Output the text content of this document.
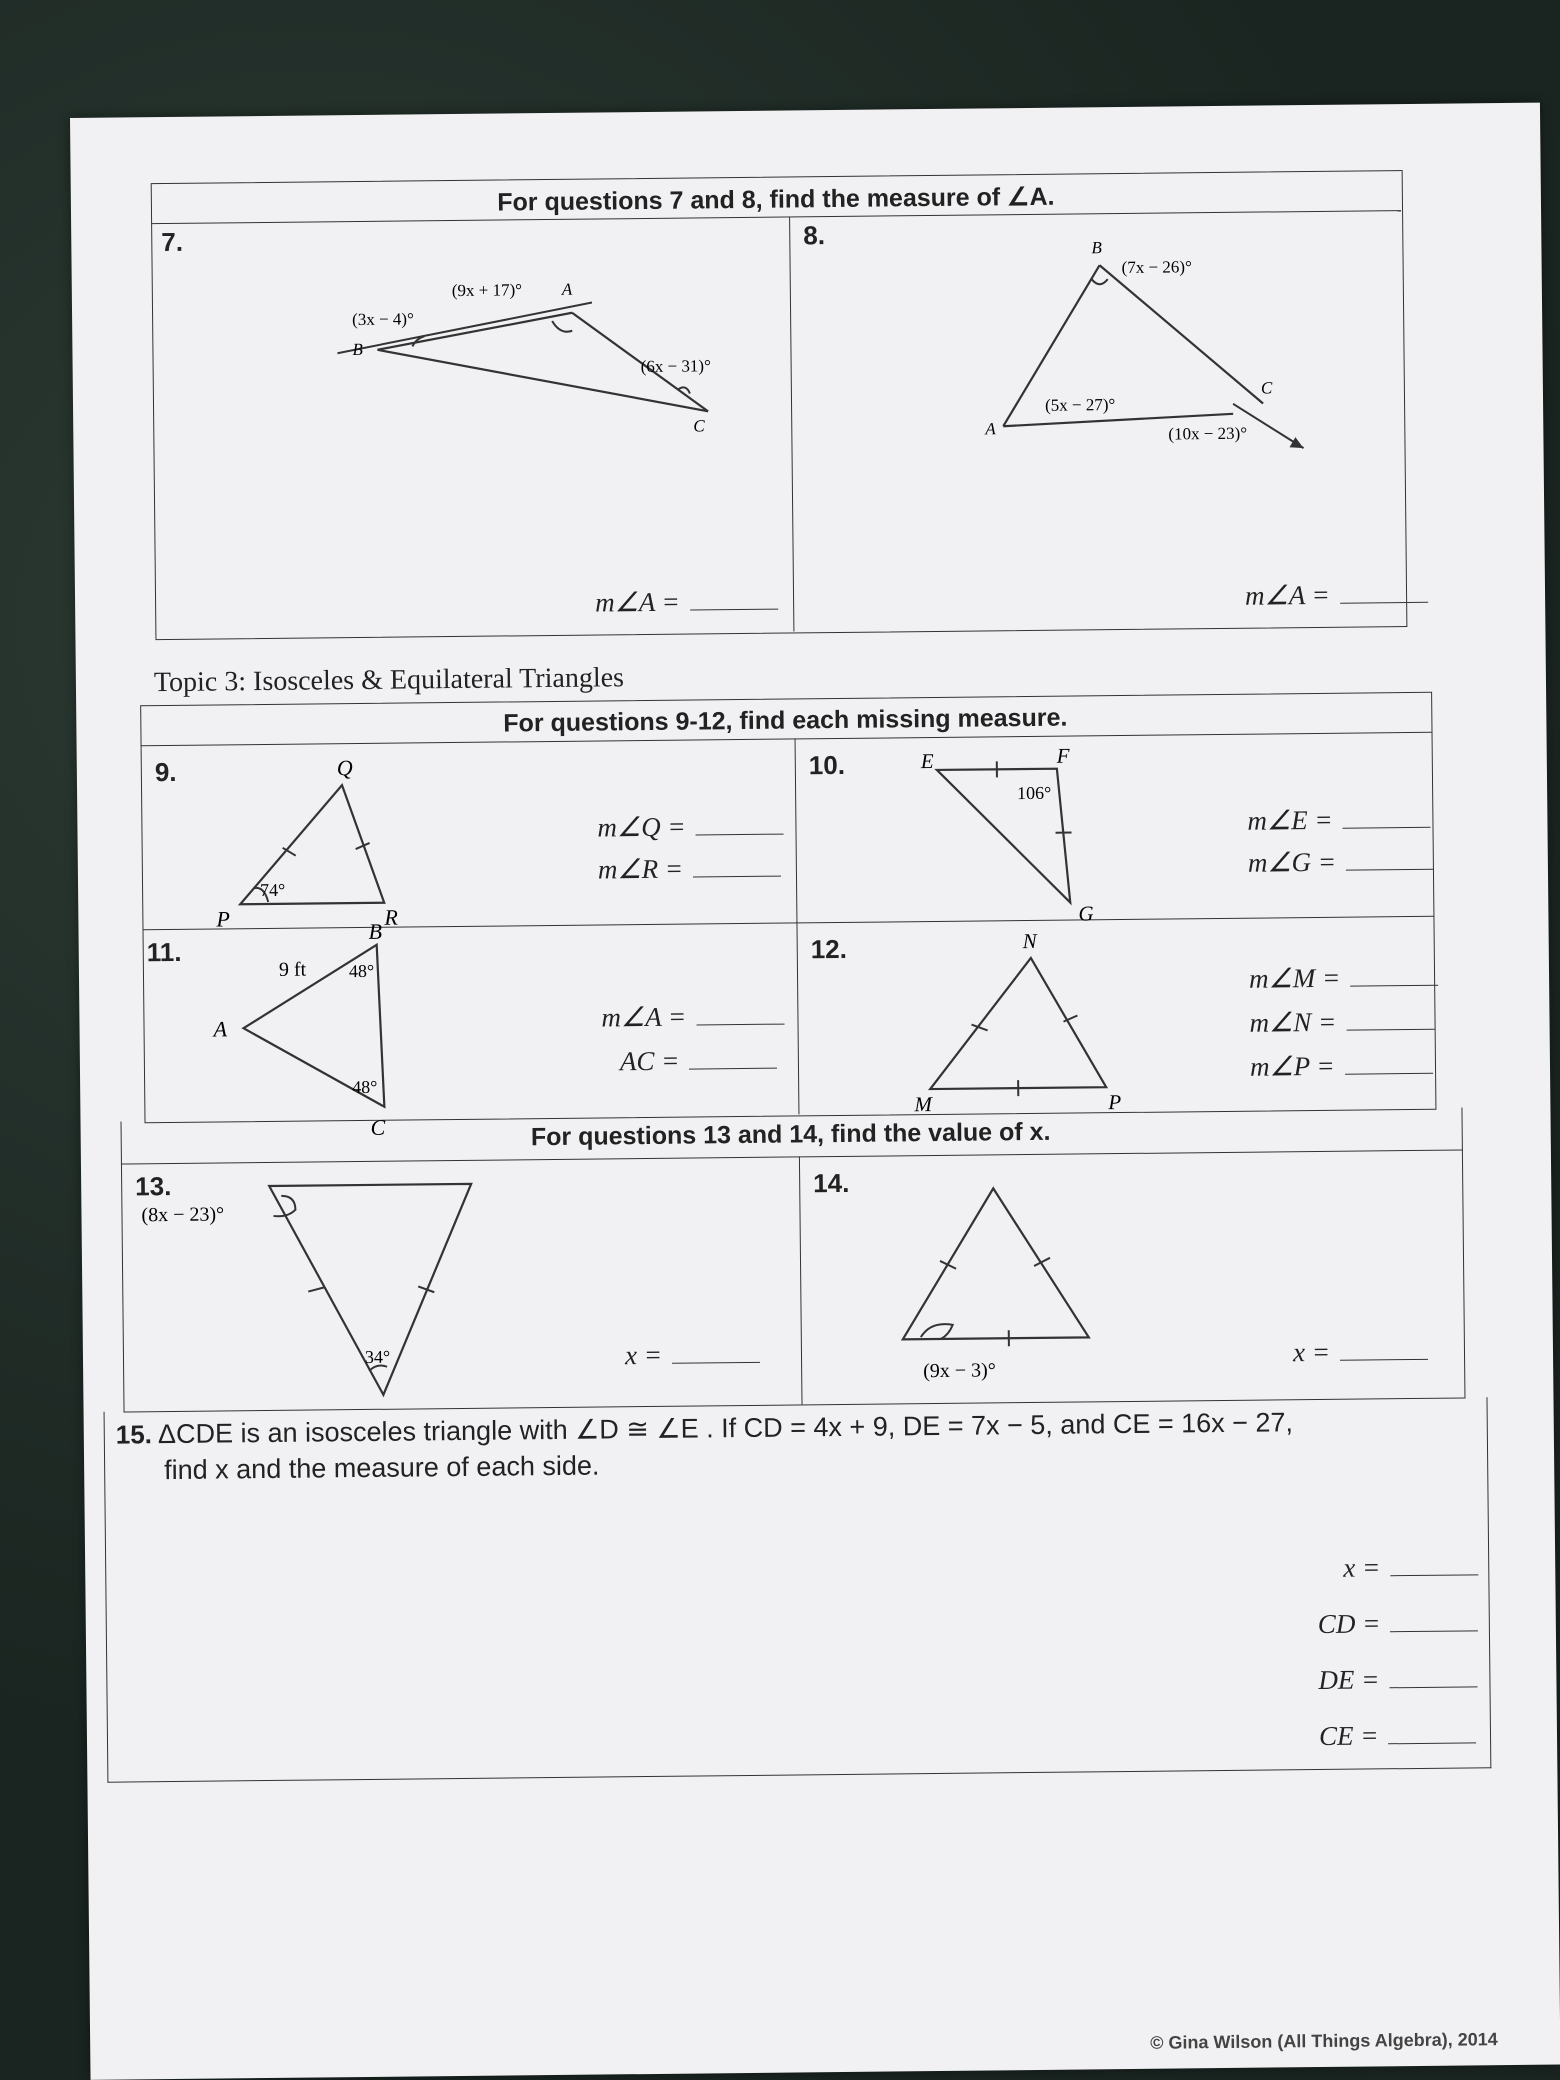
For questions 7 and 8, find the measure of ∠A.
7.
(9x + 17)° A
(3x − 4)°
B
(6x − 31)°
C
m∠A =
8.	B
(7x − 26)°
(5x − 27)°
A
C
(10x − 23)°
m∠A =
Topic 3: Isosceles & Equilateral Triangles
For questions 9-12, find each missing measure.
9.	Q
P	R
74°
m∠Q =
m∠R =
10.	E	F
G
106°
m∠E =
m∠G =
11.
B
A
C
9 ft 48°
48°
m∠A =
AC =
12.	N
M	P
m∠M =
m∠N =
m∠P =
For questions 13 and 14, find the value of x.
13.
(8x − 23)°
34°	x =
14.
(9x − 3)°
x =
15. ΔCDE is an isosceles triangle with ∠D ≅ ∠E . If CD = 4x + 9, DE = 7x − 5, and CE = 16x − 27,
find x and the measure of each side.
x =
CD =
DE =
CE =
© Gina Wilson (All Things Algebra), 2014
